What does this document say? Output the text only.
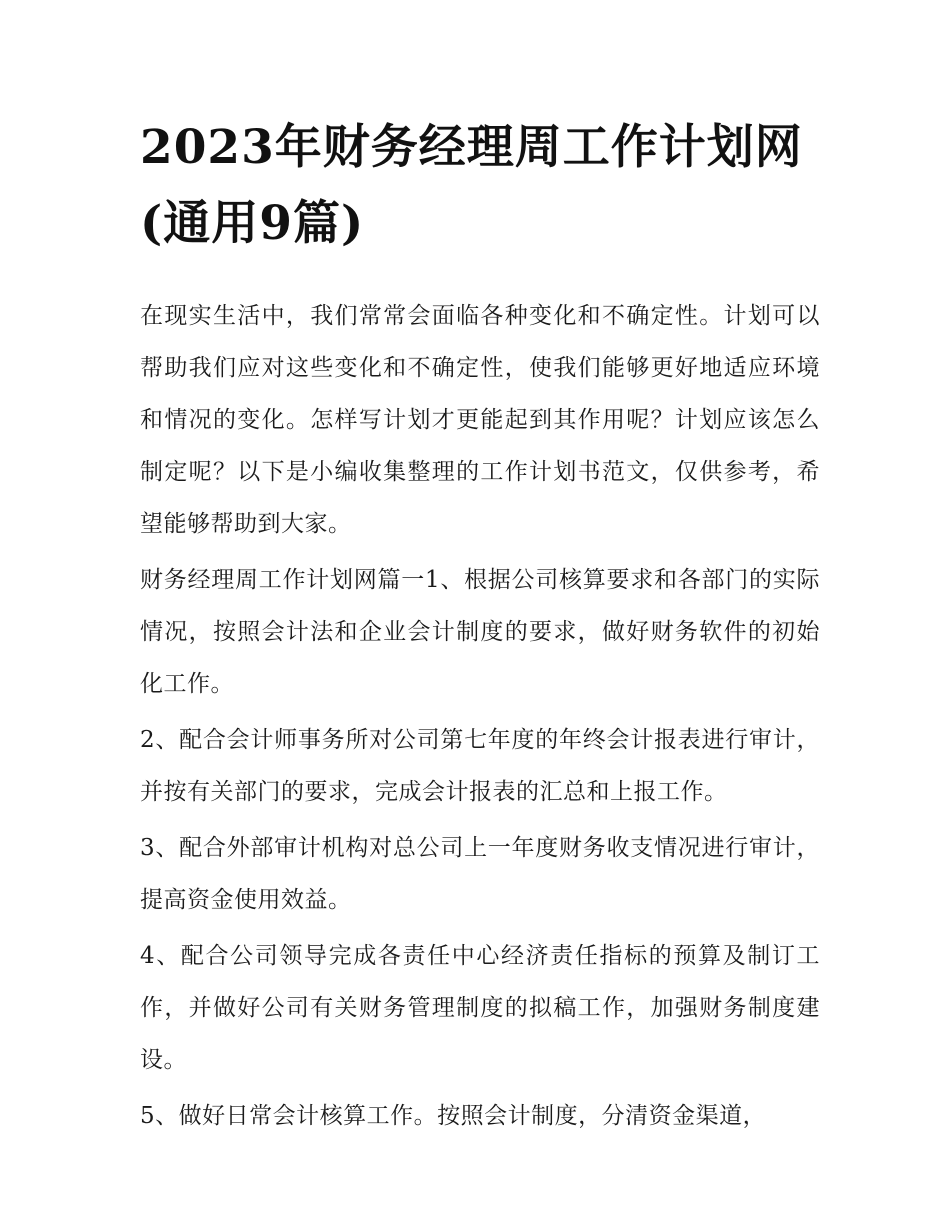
2023年财务经理周工作计划网(通用9篇)

在现实生活中，我们常常会面临各种变化和不确定性。计划可以帮助我们应对这些变化和不确定性，使我们能够更好地适应环境和情况的变化。怎样写计划才更能起到其作用呢？计划应该怎么制定呢？以下是小编收集整理的工作计划书范文，仅供参考，希望能够帮助到大家。

财务经理周工作计划网篇一1、根据公司核算要求和各部门的实际情况，按照会计法和企业会计制度的要求，做好财务软件的初始化工作。

2、配合会计师事务所对公司第七年度的年终会计报表进行审计，并按有关部门的要求，完成会计报表的汇总和上报工作。

3、配合外部审计机构对总公司上一年度财务收支情况进行审计，提高资金使用效益。

4、配合公司领导完成各责任中心经济责任指标的预算及制订工作，并做好公司有关财务管理制度的拟稿工作，加强财务制度建设。

5、做好日常会计核算工作。按照会计制度，分清资金渠道，
